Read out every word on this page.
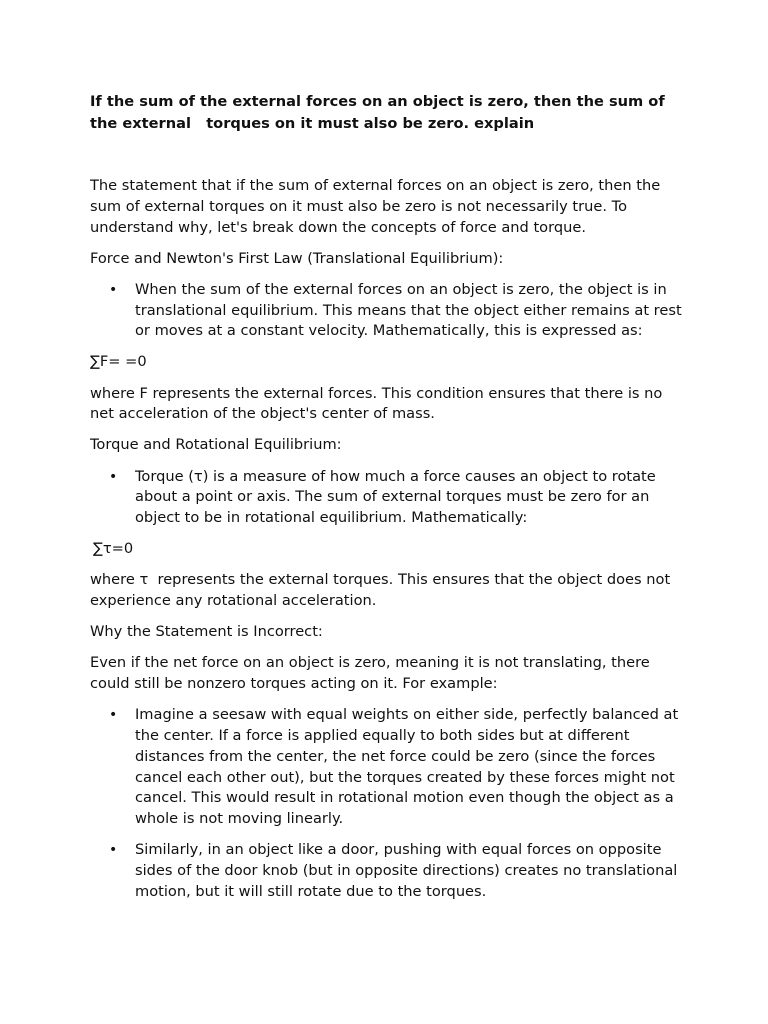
If the sum of the external forces on an object is zero, then the sum of the external   torques on it must also be zero. explain

The statement that if the sum of external forces on an object is zero, then the sum of external torques on it must also be zero is not necessarily true. To understand why, let's break down the concepts of force and torque.

Force and Newton's First Law (Translational Equilibrium):

• When the sum of the external forces on an object is zero, the object is in translational equilibrium. This means that the object either remains at rest or moves at a constant velocity. Mathematically, this is expressed as:

∑F= =0

where F represents the external forces. This condition ensures that there is no net acceleration of the object's center of mass.

Torque and Rotational Equilibrium:

• Torque (τ) is a measure of how much a force causes an object to rotate about a point or axis. The sum of external torques must be zero for an object to be in rotational equilibrium. Mathematically:

∑τ=0

where τ  represents the external torques. This ensures that the object does not experience any rotational acceleration.

Why the Statement is Incorrect:

Even if the net force on an object is zero, meaning it is not translating, there could still be nonzero torques acting on it. For example:

• Imagine a seesaw with equal weights on either side, perfectly balanced at the center. If a force is applied equally to both sides but at different distances from the center, the net force could be zero (since the forces cancel each other out), but the torques created by these forces might not cancel. This would result in rotational motion even though the object as a whole is not moving linearly.
• Similarly, in an object like a door, pushing with equal forces on opposite sides of the door knob (but in opposite directions) creates no translational motion, but it will still rotate due to the torques.
